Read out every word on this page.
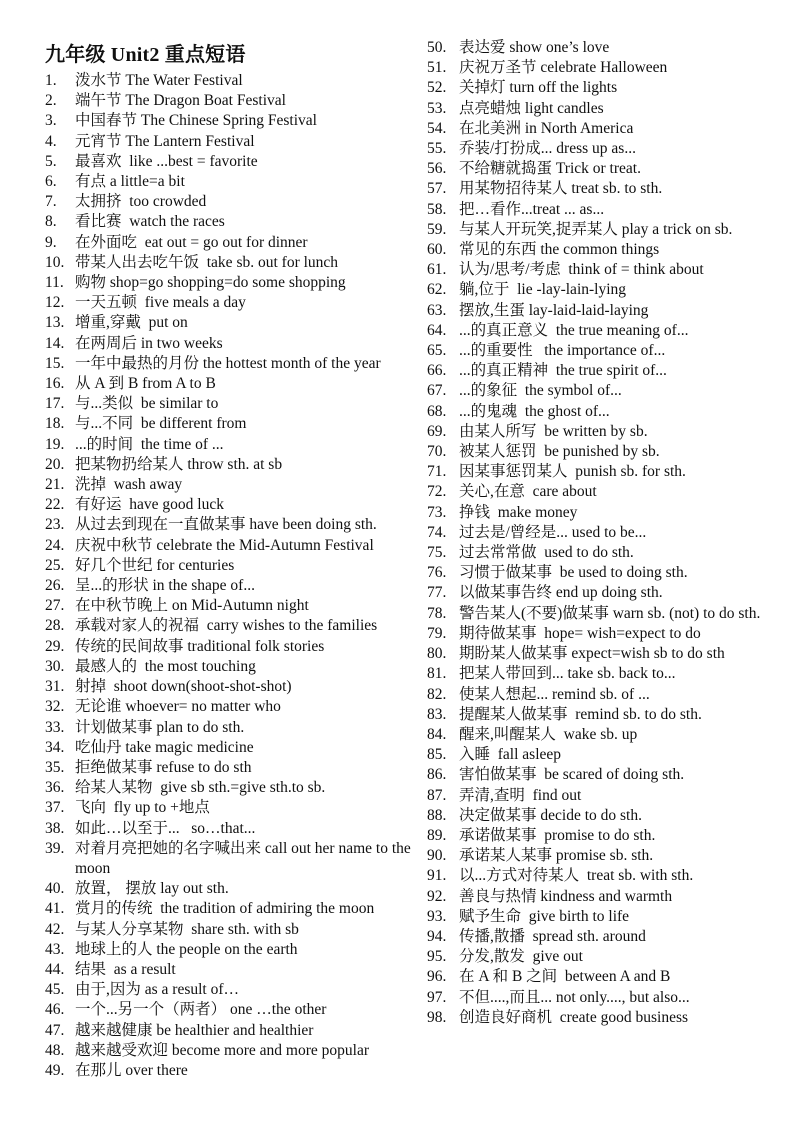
九年级 Unit2 重点短语
1.	泼水节 The Water Festival
2.	端午节 The Dragon Boat Festival
3.	中国春节 The Chinese Spring Festival
4.	元宵节 The Lantern Festival
5.	最喜欢  like ...best = favorite
6.	有点 a little=a bit
7.	太拥挤  too crowded
8.	看比赛  watch the races
9.	在外面吃  eat out = go out for dinner
10. 带某人出去吃午饭  take sb. out for lunch
11. 购物 shop=go shopping=do some shopping
12. 一天五顿  five meals a day
13. 增重,穿戴  put on
14. 在两周后 in two weeks
15. 一年中最热的月份 the hottest month of the year
16. 从 A 到 B from A to B
17. 与...类似  be similar to
18. 与...不同  be different from
19. ...的时间  the time of ...
20. 把某物扔给某人 throw sth. at sb
21. 洗掉  wash away
22. 有好运  have good luck
23. 从过去到现在一直做某事 have been doing sth.
24. 庆祝中秋节 celebrate the Mid-Autumn Festival
25. 好几个世纪 for centuries
26. 呈...的形状 in the shape of...
27. 在中秋节晚上 on Mid-Autumn night
28. 承载对家人的祝福  carry wishes to the families
29. 传统的民间故事 traditional folk stories
30. 最感人的  the most touching
31. 射掉  shoot down(shoot-shot-shot)
32. 无论谁 whoever= no matter who
33. 计划做某事 plan to do sth.
34. 吃仙丹 take magic medicine
35. 拒绝做某事 refuse to do sth
36. 给某人某物  give sb sth.=give sth.to sb.
37. 飞向  fly up to +地点
38. 如此…以至于...   so…that...
39. 对着月亮把她的名字喊出来 call out her name to the moon
40. 放置， 摆放 lay out sth.
41. 赏月的传统  the tradition of admiring the moon
42. 与某人分享某物  share sth. with sb
43. 地球上的人 the people on the earth
44. 结果  as a result
45. 由于,因为 as a result of…
46. 一个...另一个（两者） one …the other
47. 越来越健康 be healthier and healthier
48. 越来越受欢迎 become more and more popular
49. 在那儿 over there
50. 表达爱 show one’s love
51. 庆祝万圣节 celebrate Halloween
52. 关掉灯 turn off the lights
53. 点亮蜡烛 light candles
54. 在北美洲 in North America
55. 乔装/打扮成... dress up as...
56. 不给糖就捣蛋 Trick or treat.
57. 用某物招待某人 treat sb. to sth.
58. 把…看作...treat ... as...
59. 与某人开玩笑,捉弄某人 play a trick on sb.
60. 常见的东西 the common things
61. 认为/思考/考虑  think of = think about
62. 躺,位于  lie -lay-lain-lying
63. 摆放,生蛋 lay-laid-laid-laying
64. ...的真正意义  the true meaning of...
65. ...的重要性   the importance of...
66. ...的真正精神  the true spirit of...
67. ...的象征  the symbol of...
68. ...的鬼魂  the ghost of...
69. 由某人所写  be written by sb.
70. 被某人惩罚  be punished by sb.
71. 因某事惩罚某人  punish sb. for sth.
72. 关心,在意  care about
73. 挣钱  make money
74. 过去是/曾经是... used to be...
75. 过去常常做  used to do sth.
76. 习惯于做某事  be used to doing sth.
77. 以做某事告终 end up doing sth.
78. 警告某人(不要)做某事 warn sb. (not) to do sth.
79. 期待做某事  hope= wish=expect to do
80. 期盼某人做某事 expect=wish sb to do sth
81. 把某人带回到... take sb. back to...
82. 使某人想起... remind sb. of ...
83. 提醒某人做某事  remind sb. to do sth.
84. 醒来,叫醒某人  wake sb. up
85. 入睡  fall asleep
86. 害怕做某事  be scared of doing sth.
87. 弄清,查明  find out
88. 决定做某事 decide to do sth.
89. 承诺做某事  promise to do sth.
90. 承诺某人某事 promise sb. sth.
91. 以...方式对待某人  treat sb. with sth.
92. 善良与热情 kindness and warmth
93. 赋予生命  give birth to life
94. 传播,散播  spread sth. around
95. 分发,散发  give out
96. 在 A 和 B 之间  between A and B
97. 不但....,而且... not only...., but also...
98. 创造良好商机  create good business
